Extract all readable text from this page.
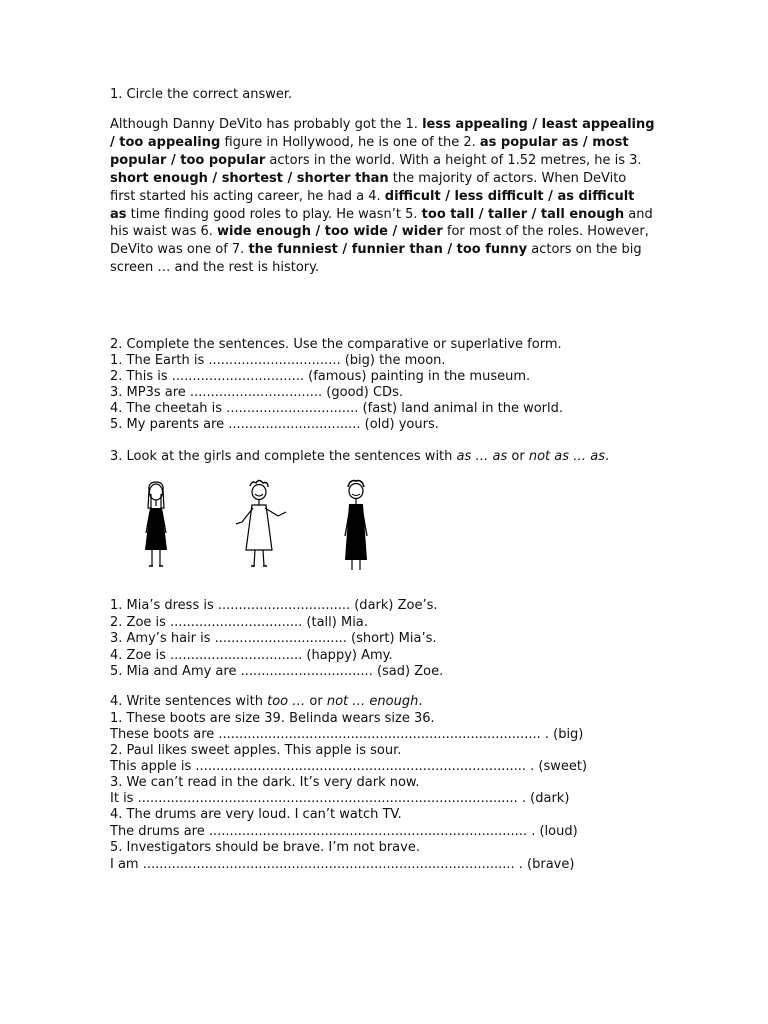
1. Circle the correct answer.
Although Danny DeVito has probably got the 1. less appealing / least appealing / too appealing figure in Hollywood, he is one of the 2. as popular as / most popular / too popular actors in the world. With a height of 1.52 metres, he is 3. short enough / shortest / shorter than the majority of actors. When DeVito first started his acting career, he had a 4. difficult / less difficult / as difficult as time finding good roles to play. He wasn’t 5. too tall / taller / tall enough and his waist was 6. wide enough / too wide / wider for most of the roles. However, DeVito was one of 7. the funniest / funnier than / too funny actors on the big screen … and the rest is history.
2. Complete the sentences. Use the comparative or superlative form.
1. The Earth is ................................ (big) the moon.
2. This is ................................ (famous) painting in the museum.
3. MP3s are ................................ (good) CDs.
4. The cheetah is ................................ (fast) land animal in the world.
5. My parents are ................................ (old) yours.
3. Look at the girls and complete the sentences with as … as or not as … as.
1. Mia’s dress is ................................ (dark) Zoe’s.
2. Zoe is ................................ (tall) Mia.
3. Amy’s hair is ................................ (short) Mia’s.
4. Zoe is ................................ (happy) Amy.
5. Mia and Amy are ................................ (sad) Zoe.
4. Write sentences with too … or not … enough.
1. These boots are size 39. Belinda wears size 36.
These boots are .............................................................................. . (big)
2. Paul likes sweet apples. This apple is sour.
This apple is ................................................................................ . (sweet)
3. We can’t read in the dark. It’s very dark now.
It is ............................................................................................ . (dark)
4. The drums are very loud. I can’t watch TV.
The drums are ............................................................................. . (loud)
5. Investigators should be brave. I’m not brave.
I am .......................................................................................... . (brave)
